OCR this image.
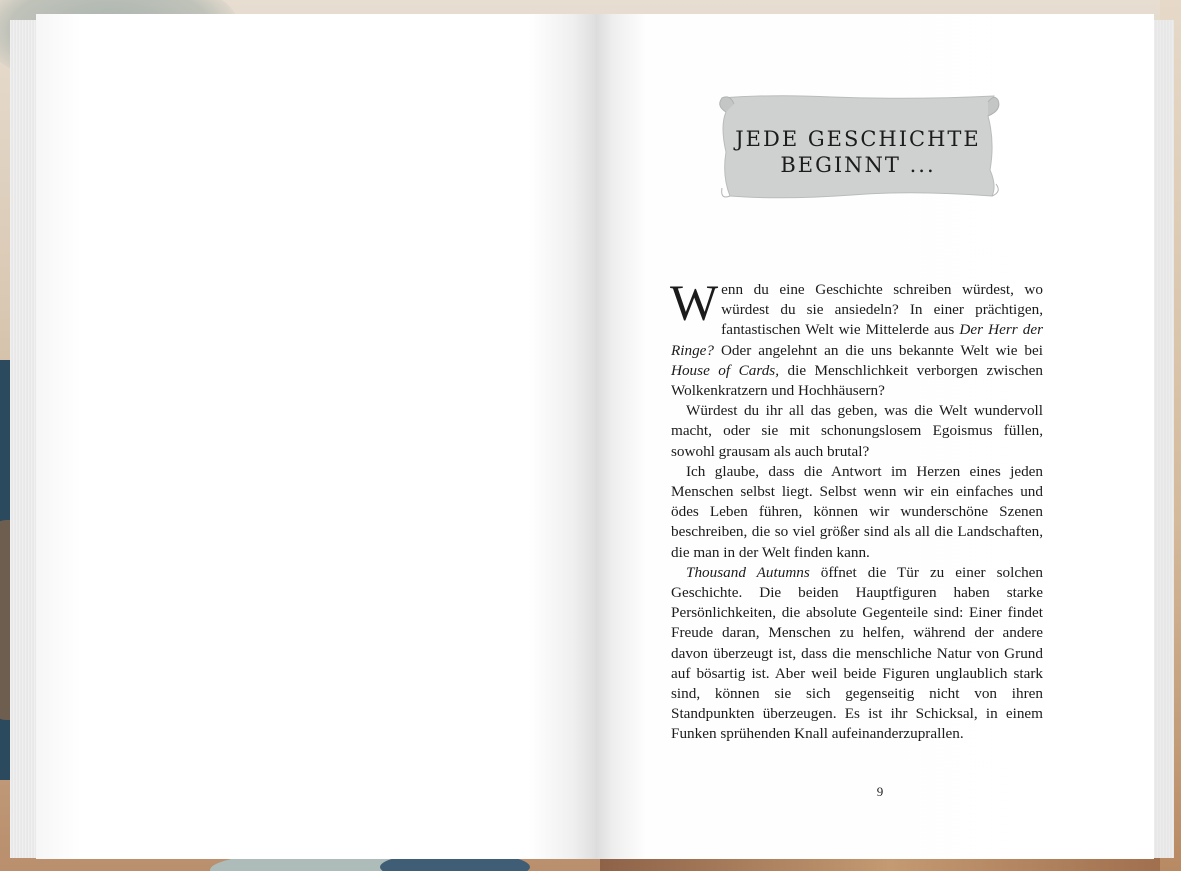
JEDE GESCHICHTE
BEGINNT ...

Wenn du eine Geschichte schreiben würdest, wo würdest du sie ansiedeln? In einer prächtigen, fantastischen Welt wie Mittelerde aus Der Herr der Ringe? Oder angelehnt an die uns bekannte Welt wie bei House of Cards, die Menschlichkeit verborgen zwischen Wolkenkratzern und Hochhäusern?

Würdest du ihr all das geben, was die Welt wundervoll macht, oder sie mit schonungslosem Egoismus füllen, sowohl grausam als auch brutal?

Ich glaube, dass die Antwort im Herzen eines jeden Menschen selbst liegt. Selbst wenn wir ein einfaches und ödes Leben führen, können wir wunderschöne Szenen beschreiben, die so viel größer sind als all die Landschaften, die man in der Welt finden kann.

Thousand Autumns öffnet die Tür zu einer solchen Geschichte. Die beiden Hauptfiguren haben starke Persönlichkeiten, die absolute Gegenteile sind: Einer findet Freude daran, Menschen zu helfen, während der andere davon überzeugt ist, dass die menschliche Natur von Grund auf bösartig ist. Aber weil beide Figuren unglaublich stark sind, können sie sich gegenseitig nicht von ihren Standpunkten überzeugen. Es ist ihr Schicksal, in einem Funken sprühenden Knall aufeinanderzuprallen.

9
